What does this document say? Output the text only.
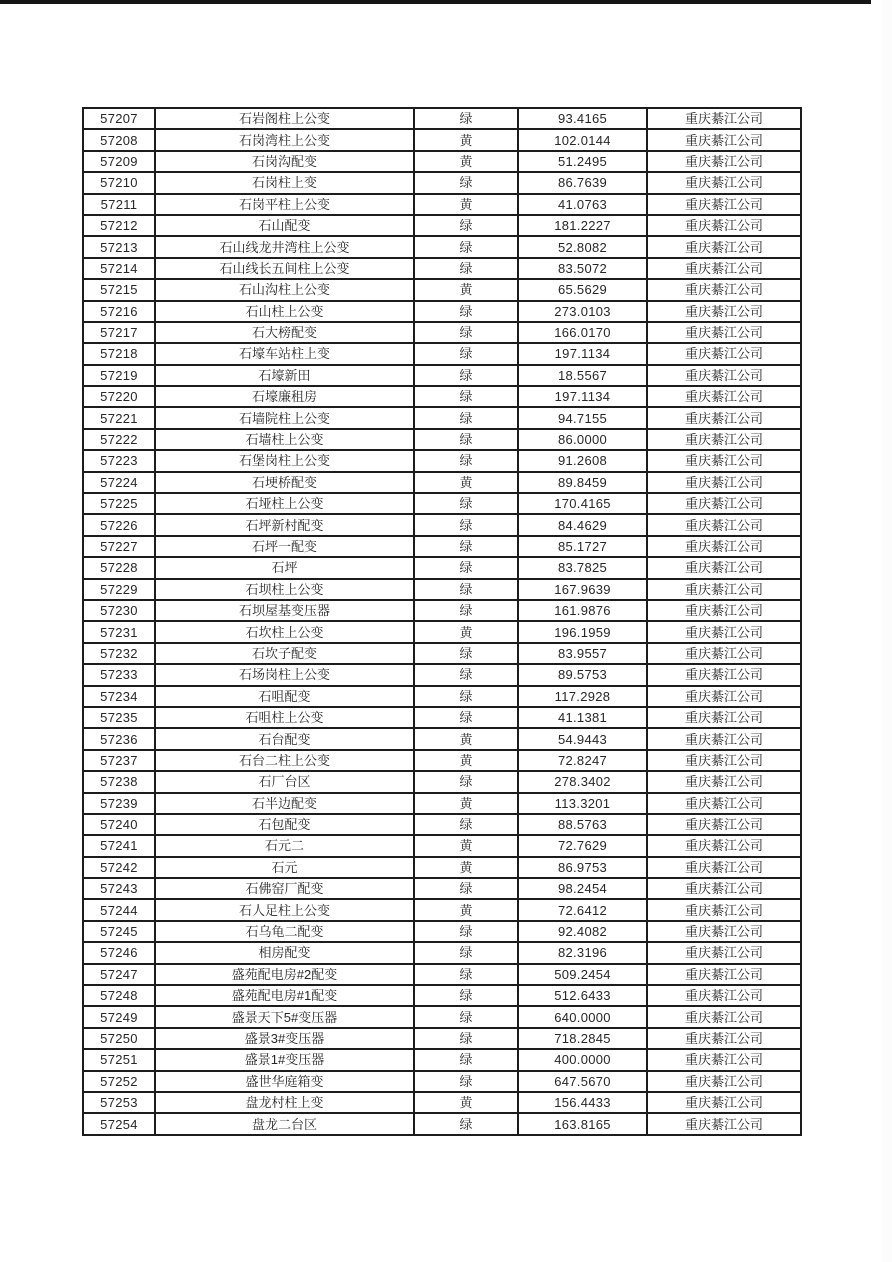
57207	石岩阁柱上公变	绿	93.4165	重庆綦江公司
57208	石岗湾柱上公变	黄	102.0144	重庆綦江公司
57209	石岗沟配变	黄	51.2495	重庆綦江公司
57210	石岗柱上变	绿	86.7639	重庆綦江公司
57211	石岗平柱上公变	黄	41.0763	重庆綦江公司
57212	石山配变	绿	181.2227	重庆綦江公司
57213	石山线龙井湾柱上公变	绿	52.8082	重庆綦江公司
57214	石山线长五间柱上公变	绿	83.5072	重庆綦江公司
57215	石山沟柱上公变	黄	65.5629	重庆綦江公司
57216	石山柱上公变	绿	273.0103	重庆綦江公司
57217	石大榜配变	绿	166.0170	重庆綦江公司
57218	石壕车站柱上变	绿	197.1134	重庆綦江公司
57219	石壕新田	绿	18.5567	重庆綦江公司
57220	石壕廉租房	绿	197.1134	重庆綦江公司
57221	石墙院柱上公变	绿	94.7155	重庆綦江公司
57222	石墙柱上公变	绿	86.0000	重庆綦江公司
57223	石堡岗柱上公变	绿	91.2608	重庆綦江公司
57224	石埂桥配变	黄	89.8459	重庆綦江公司
57225	石垭柱上公变	绿	170.4165	重庆綦江公司
57226	石坪新村配变	绿	84.4629	重庆綦江公司
57227	石坪一配变	绿	85.1727	重庆綦江公司
57228	石坪	绿	83.7825	重庆綦江公司
57229	石坝柱上公变	绿	167.9639	重庆綦江公司
57230	石坝屋基变压器	绿	161.9876	重庆綦江公司
57231	石坎柱上公变	黄	196.1959	重庆綦江公司
57232	石坎子配变	绿	83.9557	重庆綦江公司
57233	石场岗柱上公变	绿	89.5753	重庆綦江公司
57234	石咀配变	绿	117.2928	重庆綦江公司
57235	石咀柱上公变	绿	41.1381	重庆綦江公司
57236	石台配变	黄	54.9443	重庆綦江公司
57237	石台二柱上公变	黄	72.8247	重庆綦江公司
57238	石厂台区	绿	278.3402	重庆綦江公司
57239	石半边配变	黄	113.3201	重庆綦江公司
57240	石包配变	绿	88.5763	重庆綦江公司
57241	石元二	黄	72.7629	重庆綦江公司
57242	石元	黄	86.9753	重庆綦江公司
57243	石佛窑厂配变	绿	98.2454	重庆綦江公司
57244	石人足柱上公变	黄	72.6412	重庆綦江公司
57245	石乌龟二配变	绿	92.4082	重庆綦江公司
57246	相房配变	绿	82.3196	重庆綦江公司
57247	盛苑配电房#2配变	绿	509.2454	重庆綦江公司
57248	盛苑配电房#1配变	绿	512.6433	重庆綦江公司
57249	盛景天下5#变压器	绿	640.0000	重庆綦江公司
57250	盛景3#变压器	绿	718.2845	重庆綦江公司
57251	盛景1#变压器	绿	400.0000	重庆綦江公司
57252	盛世华庭箱变	绿	647.5670	重庆綦江公司
57253	盘龙村柱上变	黄	156.4433	重庆綦江公司
57254	盘龙二台区	绿	163.8165	重庆綦江公司
